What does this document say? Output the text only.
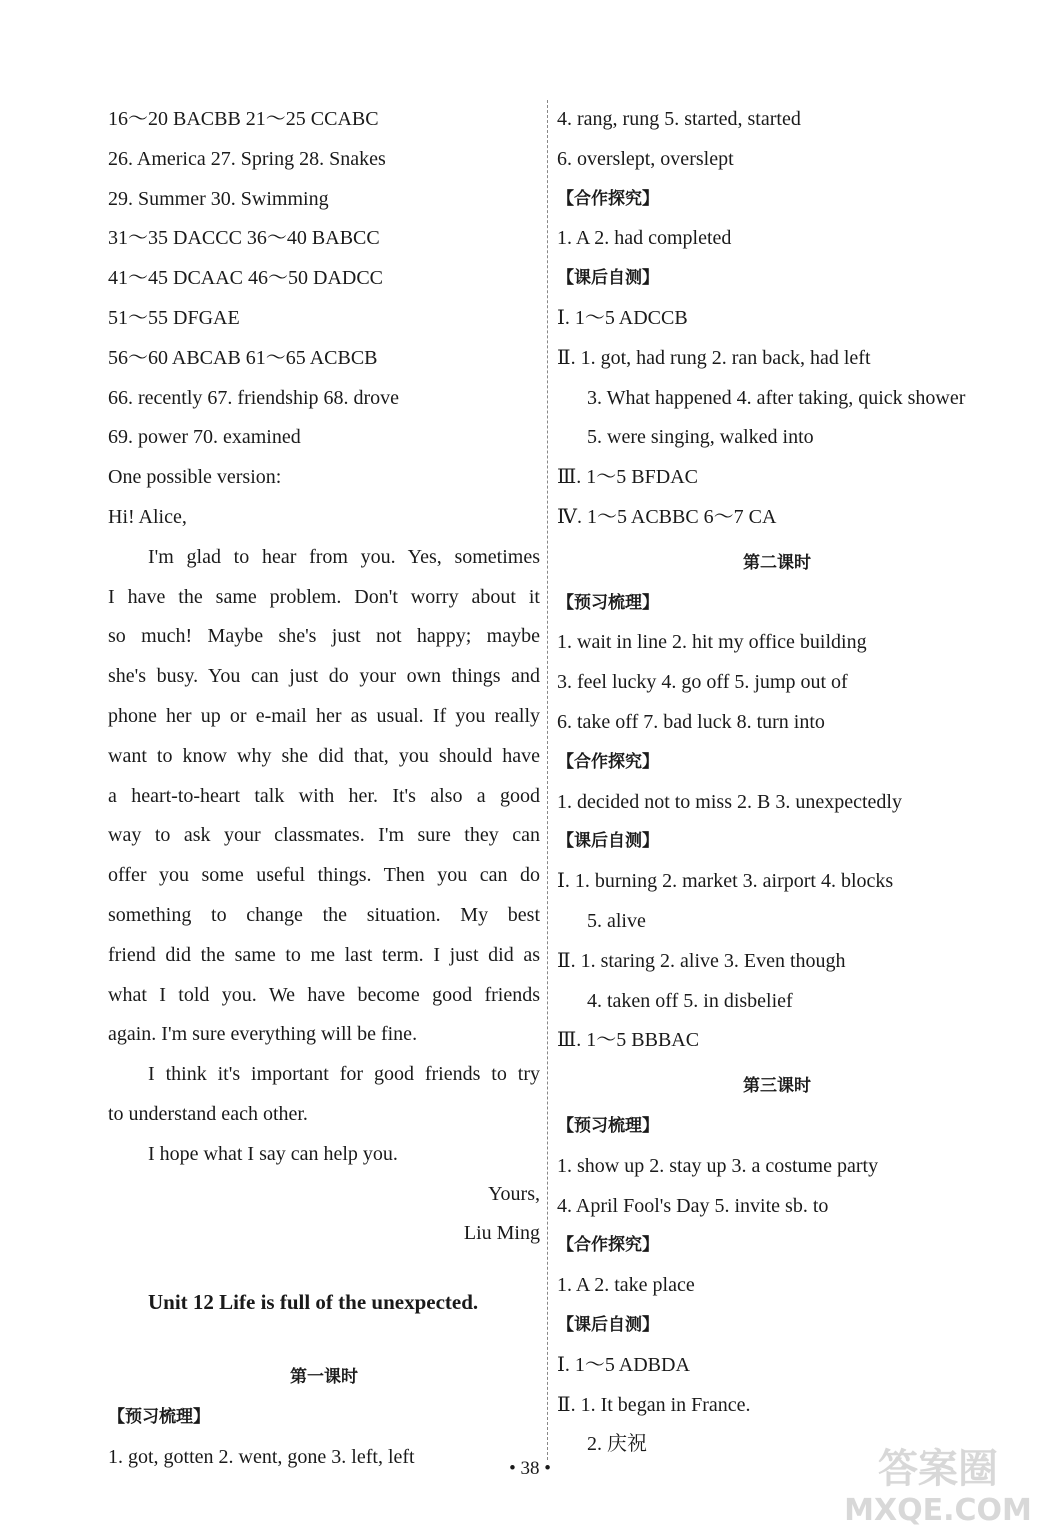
16～20 BACBB 21～25 CCABC
26. America 27. Spring 28. Snakes
29. Summer 30. Swimming
31～35 DACCC 36～40 BABCC
41～45 DCAAC 46～50 DADCC
51～55 DFGAE
56～60 ABCAB 61～65 ACBCB
66. recently 67. friendship 68. drove
69. power 70. examined
One possible version:
Hi! Alice,

I'm glad to hear from you. Yes, sometimes

I have the same problem. Don't worry about it

so much! Maybe she's just not happy; maybe

she's busy. You can just do your own things and

phone her up or e-mail her as usual. If you really

want to know why she did that, you should have

a heart-to-heart talk with her. It's also a good

way to ask your classmates. I'm sure they can

offer you some useful things. Then you can do

something to change the situation. My best

friend did the same to me last term. I just did as

what I told you. We have become good friends

again. I'm sure everything will be fine.

I think it's important for good friends to try

to understand each other.

I hope what I say can help you.

Yours,
Liu Ming
Unit 12 Life is full of the unexpected.
第一课时
【预习梳理】
1. got, gotten 2. went, gone 3. left, left
4. rang, rung 5. started, started
6. overslept, overslept
【合作探究】
1. A 2. had completed
【课后自测】
Ⅰ. 1～5 ADCCB
Ⅱ. 1. got, had rung 2. ran back, had left
3. What happened 4. after taking, quick shower
5. were singing, walked into
Ⅲ. 1～5 BFDAC
Ⅳ. 1～5 ACBBC 6～7 CA
第二课时
【预习梳理】
1. wait in line 2. hit my office building
3. feel lucky 4. go off 5. jump out of
6. take off 7. bad luck 8. turn into
【合作探究】
1. decided not to miss 2. B 3. unexpectedly
【课后自测】
Ⅰ. 1. burning 2. market 3. airport 4. blocks
5. alive
Ⅱ. 1. staring 2. alive 3. Even though
4. taken off 5. in disbelief
Ⅲ. 1～5 BBBAC
第三课时
【预习梳理】
1. show up 2. stay up 3. a costume party
4. April Fool's Day 5. invite sb. to
【合作探究】
1. A 2. take place
【课后自测】
Ⅰ. 1～5 ADBDA
Ⅱ. 1. It began in France.
2. 庆祝
• 38 •	答案圈
MXQE.COM
